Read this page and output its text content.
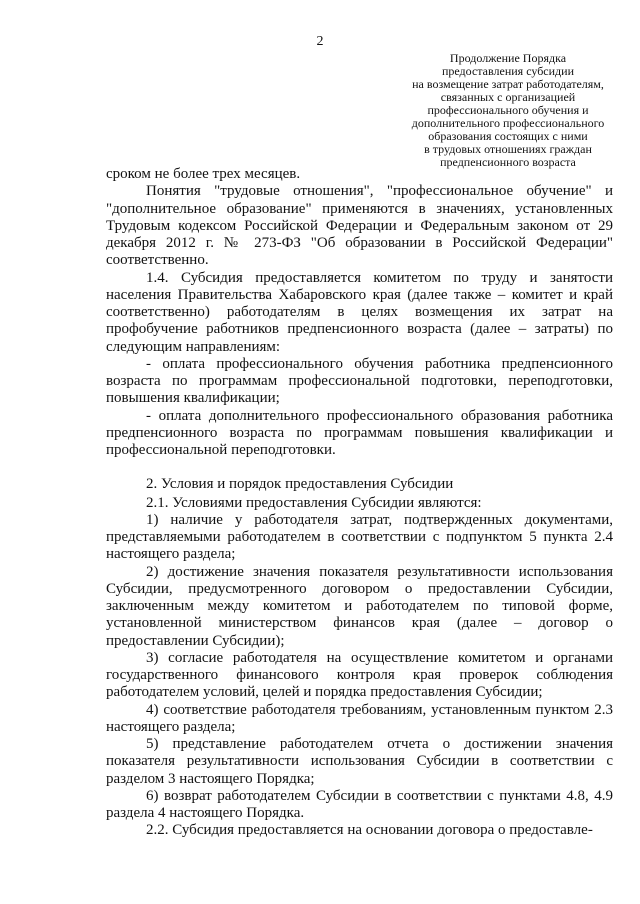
2
Продолжение Порядка
предоставления субсидии
на возмещение затрат работодателям,
связанных с организацией
профессионального обучения и
дополнительного профессионального
образования состоящих с ними
в трудовых отношениях граждан
предпенсионного возраста

сроком не более трех месяцев.

Понятия "трудовые отношения", "профессиональное обучение" и "дополнительное образование" применяются в значениях, установленных Трудовым кодексом Российской Федерации и Федеральным законом от 29 декабря 2012 г. № 273-ФЗ "Об образовании в Российской Федерации" соответственно.

1.4. Субсидия предоставляется комитетом по труду и занятости населения Правительства Хабаровского края (далее также – комитет и край соответственно) работодателям в целях возмещения их затрат на профобучение работников предпенсионного возраста (далее – затраты) по следующим направлениям:

- оплата профессионального обучения работника предпенсионного возраста по программам профессиональной подготовки, переподготовки, повышения квалификации;

- оплата дополнительного профессионального образования работника предпенсионного возраста по программам повышения квалификации и профессиональной переподготовки.

2. Условия и порядок предоставления Субсидии

2.1. Условиями предоставления Субсидии являются:

1) наличие у работодателя затрат, подтвержденных документами, представляемыми работодателем в соответствии с подпунктом 5 пункта 2.4 настоящего раздела;

2) достижение значения показателя результативности использования Субсидии, предусмотренного договором о предоставлении Субсидии, заключенным между комитетом и работодателем по типовой форме, установленной министерством финансов края (далее – договор о предоставлении Субсидии);

3) согласие работодателя на осуществление комитетом и органами государственного финансового контроля края проверок соблюдения работодателем условий, целей и порядка предоставления Субсидии;

4) соответствие работодателя требованиям, установленным пунктом 2.3 настоящего раздела;

5) представление работодателем отчета о достижении значения показателя результативности использования Субсидии в соответствии с разделом 3 настоящего Порядка;

6) возврат работодателем Субсидии в соответствии с пунктами 4.8, 4.9 раздела 4 настоящего Порядка.

2.2. Субсидия предоставляется на основании договора о предоставле-
